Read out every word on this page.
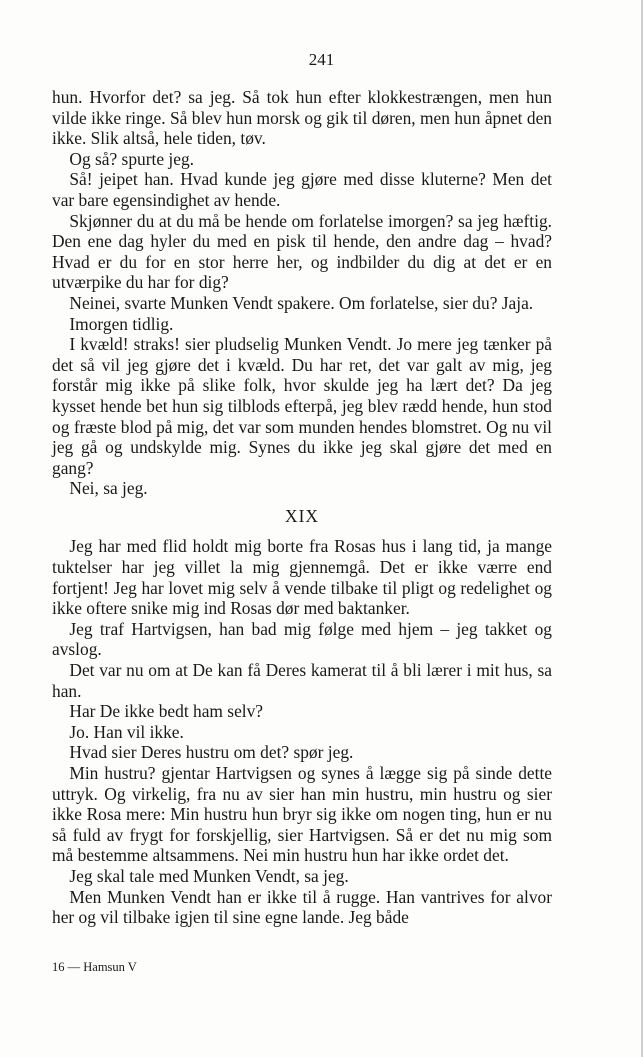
241

hun. Hvorfor det? sa jeg. Så tok hun efter klokkestrængen, men hun vilde ikke ringe. Så blev hun morsk og gik til døren, men hun åpnet den ikke. Slik altså, hele tiden, tøv.

Og så? spurte jeg.

Så! jeipet han. Hvad kunde jeg gjøre med disse kluterne? Men det var bare egensindighet av hende.

Skjønner du at du må be hende om forlatelse imorgen? sa jeg hæftig. Den ene dag hyler du med en pisk til hende, den andre dag – hvad? Hvad er du for en stor herre her, og indbilder du dig at det er en utværpike du har for dig?

Neinei, svarte Munken Vendt spakere. Om forlatelse, sier du? Jaja.

Imorgen tidlig.

I kvæld! straks! sier pludselig Munken Vendt. Jo mere jeg tænker på det så vil jeg gjøre det i kvæld. Du har ret, det var galt av mig, jeg forstår mig ikke på slike folk, hvor skulde jeg ha lært det? Da jeg kysset hende bet hun sig tilblods efterpå, jeg blev rædd hende, hun stod og fræste blod på mig, det var som munden hendes blomstret. Og nu vil jeg gå og undskylde mig. Synes du ikke jeg skal gjøre det med en gang?

Nei, sa jeg.

XIX

Jeg har med flid holdt mig borte fra Rosas hus i lang tid, ja mange tuktelser har jeg villet la mig gjennemgå. Det er ikke værre end fortjent! Jeg har lovet mig selv å vende tilbake til pligt og redelighet og ikke oftere snike mig ind Rosas dør med baktanker.

Jeg traf Hartvigsen, han bad mig følge med hjem – jeg takket og avslog.

Det var nu om at De kan få Deres kamerat til å bli lærer i mit hus, sa han.

Har De ikke bedt ham selv?

Jo. Han vil ikke.

Hvad sier Deres hustru om det? spør jeg.

Min hustru? gjentar Hartvigsen og synes å lægge sig på sinde dette uttryk. Og virkelig, fra nu av sier han min hustru, min hustru og sier ikke Rosa mere: Min hustru hun bryr sig ikke om nogen ting, hun er nu så fuld av frygt for forskjellig, sier Hartvigsen. Så er det nu mig som må bestemme altsammens. Nei min hustru hun har ikke ordet det.

Jeg skal tale med Munken Vendt, sa jeg.

Men Munken Vendt han er ikke til å rugge. Han vantrives for alvor her og vil tilbake igjen til sine egne lande. Jeg både

16 — Hamsun V
